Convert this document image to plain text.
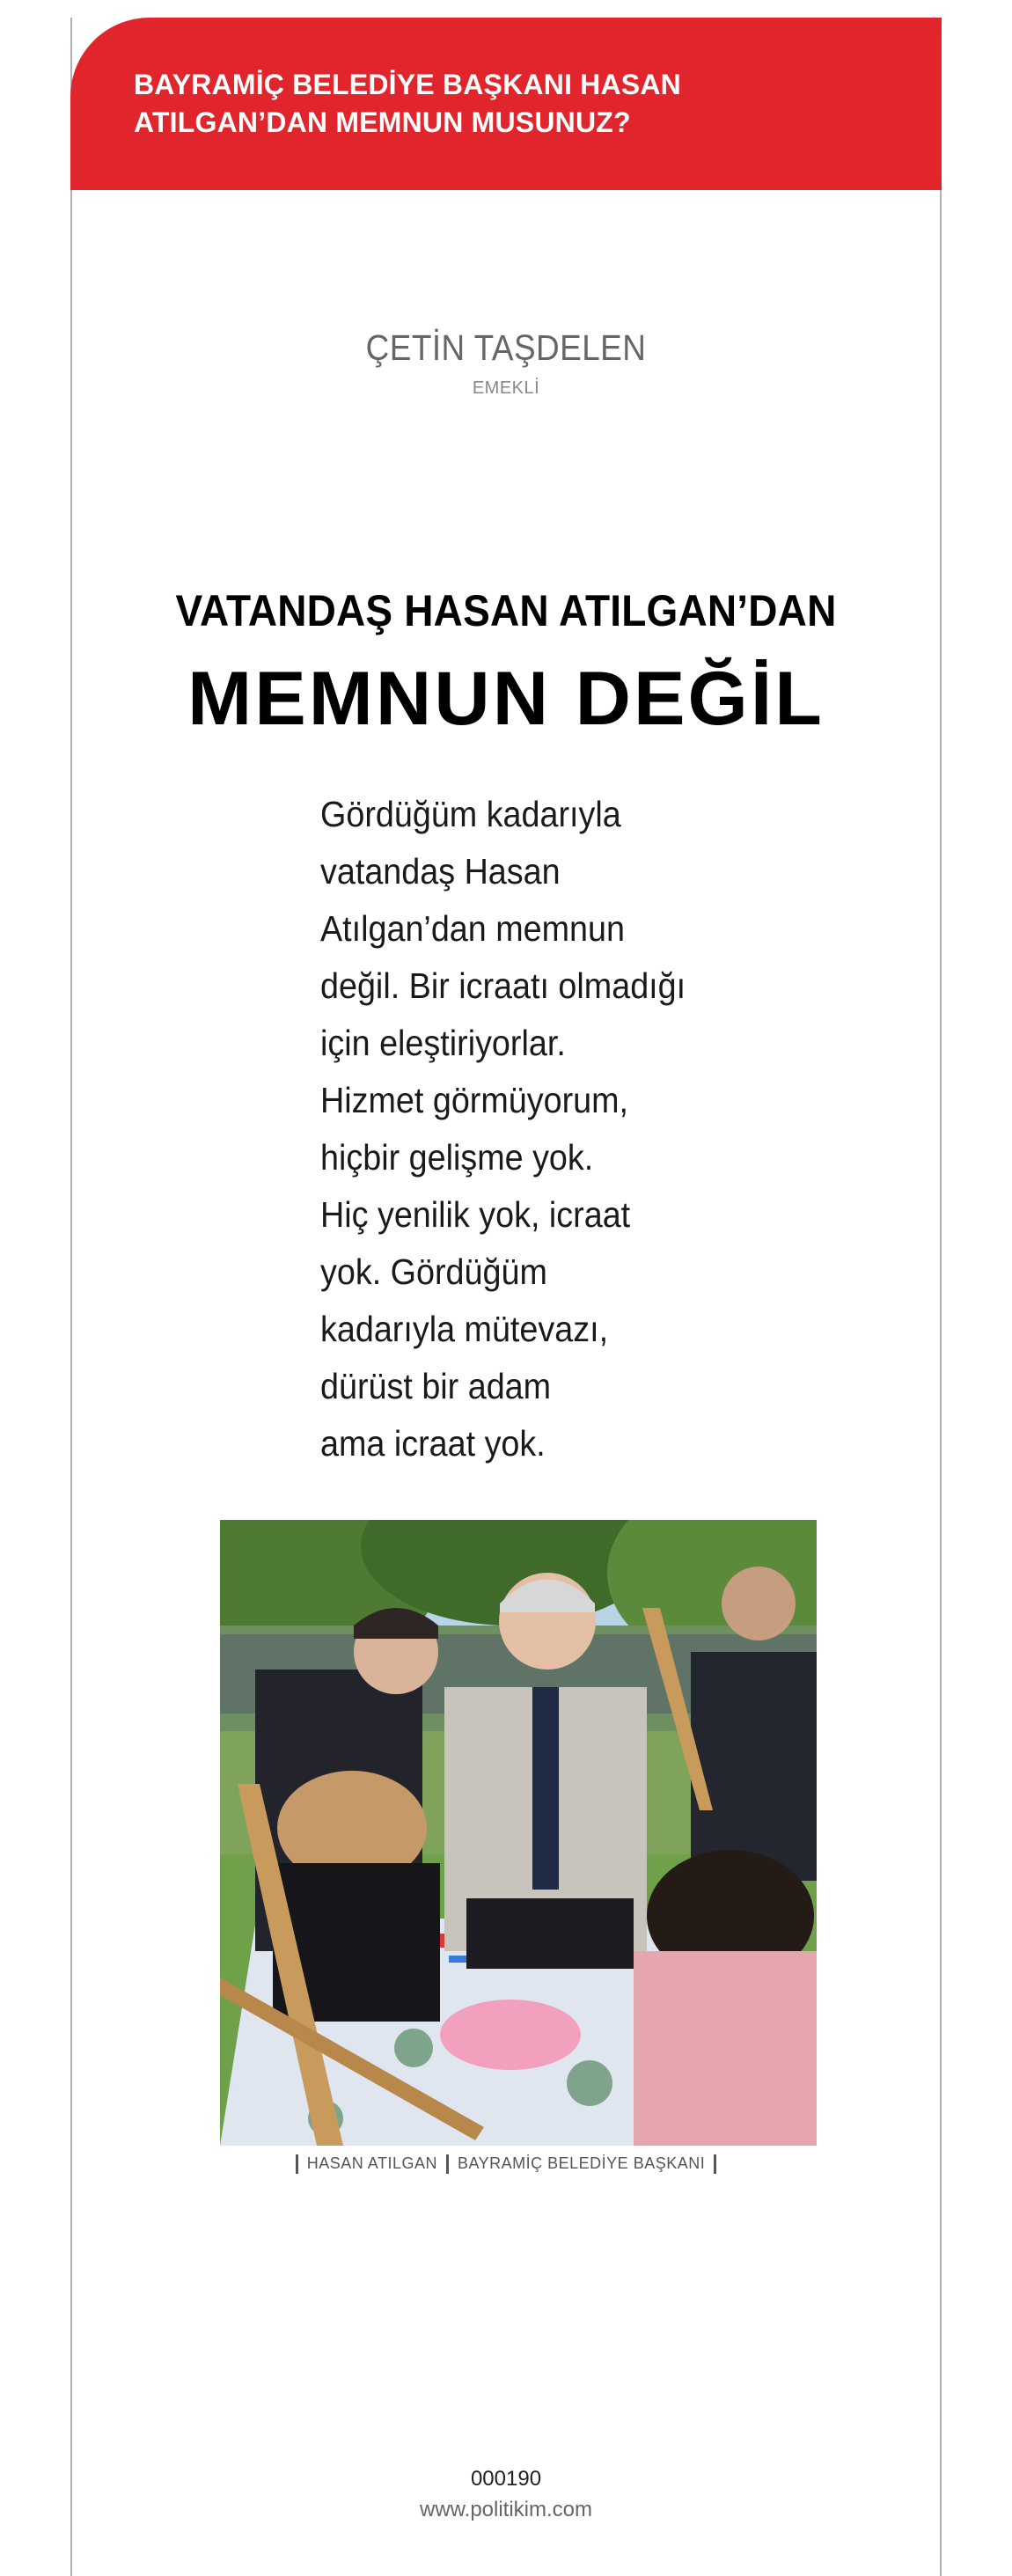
BAYRAMİÇ BELEDİYE BAŞKANI HASAN ATILGAN’DAN MEMNUN MUSUNUZ?

ÇETİN TAŞDELEN
EMEKLİ
VATANDAŞ HASAN ATILGAN’DAN
MEMNUN DEĞİL
Gördüğüm kadarıyla
vatandaş Hasan
Atılgan’dan memnun
değil. Bir icraatı olmadığı
için eleştiriyorlar.
Hizmet görmüyorum,
hiçbir gelişme yok.
Hiç yenilik yok, icraat
yok. Gördüğüm
kadarıyla mütevazı,
dürüst bir adam
ama icraat yok.
HASAN ATILGAN BAYRAMİÇ BELEDİYE BAŞKANI
000190
www.politikim.com
